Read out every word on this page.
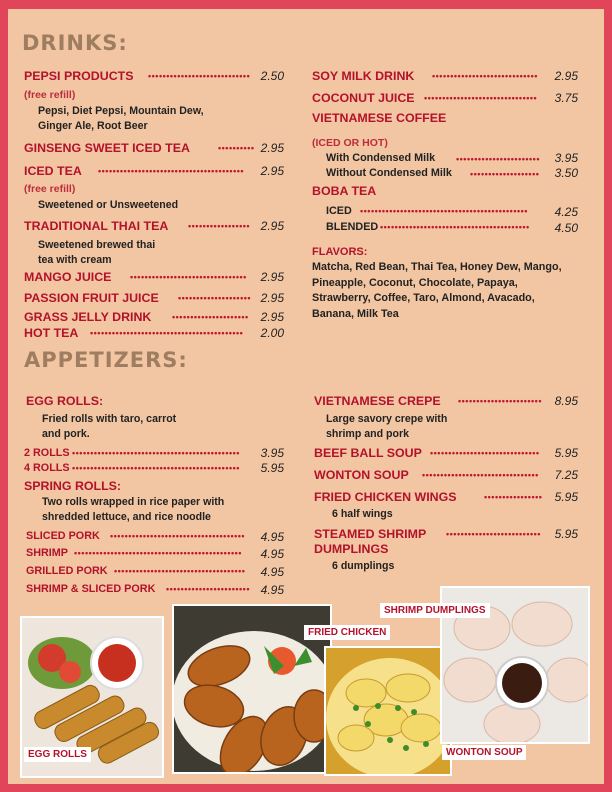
DRINKS:
PEPSI PRODUCTS •••••••••••••••••••••••••••• 2.50
(free refill)
Pepsi, Diet Pepsi, Mountain Dew, Ginger Ale, Root Beer
GINSENG SWEET ICED TEA	•••••••••• 2.95
ICED TEA ••••••••••••••••••••••••••••••••••••••••	2.95
(free refill)
Sweetened or Unsweetened
TRADITIONAL THAI TEA ••••••••••••••••• 2.95
Sweetened brewed thai tea with cream
MANGO JUICE ••••••••••••••••••••••••••••••••	2.95
PASSION FRUIT JUICE •••••••••••••••••••• 2.95
GRASS JELLY DRINK ••••••••••••••••••••• 2.95
HOT TEA ••••••••••••••••••••••••••••••••••••••••••	2.00
SOY MILK DRINK •••••••••••••••••••••••••••••	2.95
COCONUT JUICE •••••••••••••••••••••••••••••••	3.75
VIETNAMESE COFFEE
(ICED OR HOT)
With Condensed Milk •••••••••••••••••••••••	3.95
Without Condensed Milk •••••••••••••••••••	3.50
BOBA TEA
ICED ••••••••••••••••••••••••••••••••••••••••••••••	4.25
BLENDED •••••••••••••••••••••••••••••••••••••••••	4.50
FLAVORS:
Matcha, Red Bean, Thai Tea, Honey Dew, Mango, Pineapple, Coconut, Chocolate, Papaya, Strawberry, Coffee, Taro, Almond, Avacado, Banana, Milk Tea
APPETIZERS:
EGG ROLLS:
Fried rolls with taro, carrot and pork.
2 ROLLS ••••••••••••••••••••••••••••••••••••••••••••••	3.95
4 ROLLS ••••••••••••••••••••••••••••••••••••••••••••••	5.95
SPRING ROLLS:
Two rolls wrapped in rice paper with shredded lettuce, and rice noodle
SLICED PORK •••••••••••••••••••••••••••••••••••••	4.95
SHRIMP ••••••••••••••••••••••••••••••••••••••••••••••	4.95
GRILLED PORK ••••••••••••••••••••••••••••••••••••	4.95
SHRIMP & SLICED PORK ••••••••••••••••••••••• 4.95
VIETNAMESE CREPE •••••••••••••••••••••••	8.95
Large savory crepe with shrimp and pork
BEEF BALL SOUP ••••••••••••••••••••••••••••••	5.95
WONTON SOUP ••••••••••••••••••••••••••••••••	7.25
FRIED CHICKEN WINGS	••••••••••••••••	5.95
6 half wings
STEAMED SHRIMP DUMPLINGS
••••••••••••••••••••••••••	5.95
6 dumplings
EGG ROLLS
FRIED CHICKEN
WONTON SOUP
SHRIMP DUMPLINGS
